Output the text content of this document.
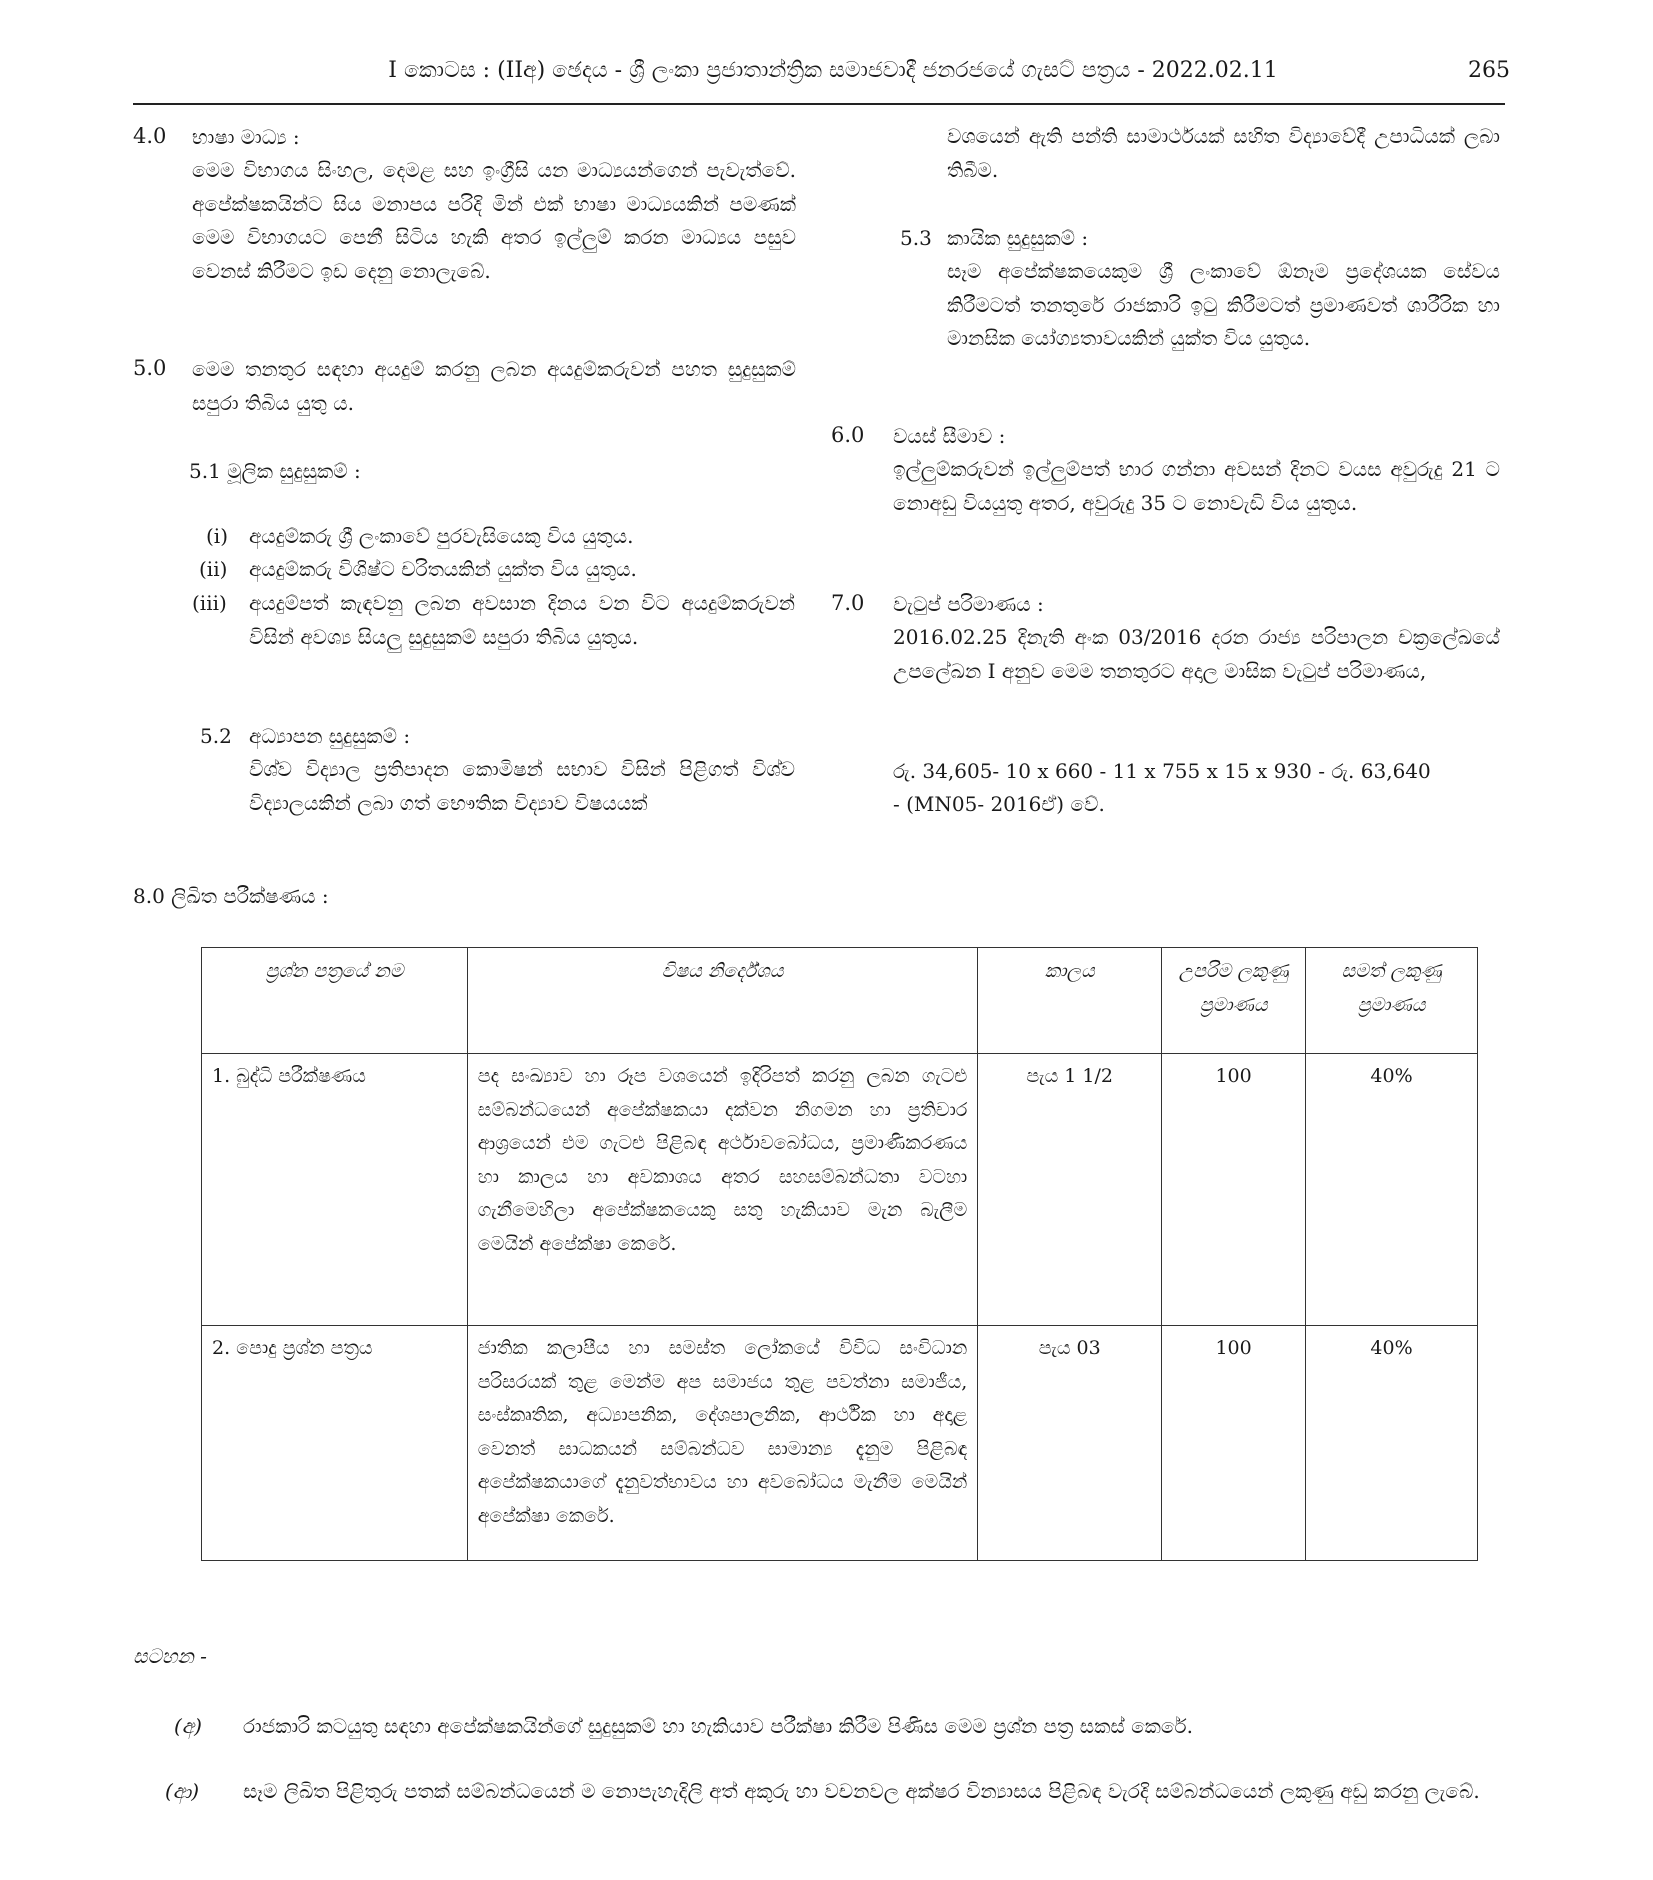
I කොටස : (IIඅ) ඡෙදය - ශ්‍රී ලංකා ප්‍රජාතාන්ත්‍රික සමාජවාදී ජනරජයේ ගැසට් පත්‍රය - 2022.02.11	265
4.0 භාෂා මාධ්‍ය :
මෙම විභාගය සිංහල, දෙමළ සහ ඉංග්‍රීසි යන මාධ්‍යයන්ගෙන් පැවැත්වේ. අපේක්ෂකයින්ට සිය මනාපය පරිදි මින් එක් භාෂා මාධ්‍යයකින් පමණක් මෙම විභාගයට පෙනී සිටිය හැකි අතර ඉල්ලුම් කරන මාධ්‍යය පසුව වෙනස් කිරීමට ඉඩ දෙනු නොලැබේ.
5.0 මෙම තනතුර සඳහා අයදුම් කරනු ලබන අයදුම්කරුවන් පහත සුදුසුකම් සපුරා තිබිය යුතු ය.
5.1 මූලික සුදුසුකම් :
(i) අයදුම්කරු ශ්‍රී ලංකාවේ පුරවැසියෙකු විය යුතුය.
(ii) අයදුම්කරු විශිෂ්ට චරිතයකින් යුක්ත විය යුතුය.
(iii) අයදුම්පත් කැඳවනු ලබන අවසාන දිනය වන විට අයදුම්කරුවන් විසින් අවශ්‍ය සියලු සුදුසුකම් සපුරා තිබිය යුතුය.
5.2 අධ්‍යාපන සුදුසුකම් :
විශ්ව විද්‍යාල ප්‍රතිපාදන කොමිෂන් සභාව විසින් පිළිගත් විශ්ව විද්‍යාලයකින් ලබා ගත් භෞතික විද්‍යාව විෂයයක්
වශයෙන් ඇති පන්ති සාමාර්ථයක් සහිත විද්‍යාවේදී උපාධියක් ලබා තිබීම.
5.3 කායික සුදුසුකම් :
සෑම අපේක්ෂකයෙකුම ශ්‍රී ලංකාවේ ඕනෑම ප්‍රදේශයක සේවය කිරීමටත් තනතුරේ රාජකාරි ඉටු කිරීමටත් ප්‍රමාණවත් ශාරීරික හා මානසික යෝග්‍යතාවයකින් යුක්ත විය යුතුය.
6.0 වයස් සීමාව :
ඉල්ලුම්කරුවන් ඉල්ලුම්පත් භාර ගන්නා අවසන් දිනට වයස අවුරුදු 21 ට නොඅඩු වියයුතු අතර, අවුරුදු 35 ට නොවැඩි විය යුතුය.
7.0 වැටුප් පරිමාණය :
2016.02.25 දිනැති අංක 03/2016 දරන රාජ්‍ය පරිපාලන චක්‍රලේඛයේ උපලේඛන I අනුව මෙම තනතුරට අදාල මාසික වැටුප් පරිමාණය,
රු. 34,605- 10 x 660 - 11 x 755 x 15 x 930 - රු. 63,640
- (MN05- 2016ඒ) වේ.
8.0 ලිඛිත පරීක්ෂණය :
ප්‍රශ්න පත්‍රයේ නම	විෂය නිර්දේශය	කාලය	උපරිම ලකුණු ප්‍රමාණය	සමත් ලකුණු ප්‍රමාණය
1. බුද්ධි පරීක්ෂණය	පද සංඛ්‍යාව හා රූප වශයෙන් ඉදිරිපත් කරනු ලබන ගැටළු සම්බන්ධයෙන් අපේක්ෂකයා දක්වන නිගමන හා ප්‍රතිචාර ආශ්‍රයෙන් එම ගැටළු පිළිබඳ අර්ථාවබෝධය, ප්‍රමාණිකරණය හා කාලය හා අවකාශය අතර සහසම්බන්ධතා වටහා ගැනීමෙහිලා අපේක්ෂකයෙකු සතු හැකියාව මැන බැලීම මෙයින් අපේක්ෂා කෙරේ.	පැය 1 1/2	100	40%
2. පොදු ප්‍රශ්න පත්‍රය	ජාතික කලාපීය හා සමස්ත ලෝකයේ විවිධ සංවිධාන පරිසරයක් තුළ මෙන්ම අප සමාජය තුළ පවත්නා සමාජීය, සංස්කෘතික, අධ්‍යාපනික, දේශපාලනික, ආර්ථික හා අදාළ වෙනත් සාධකයන් සම්බන්ධව සාමාන්‍ය දැනුම පිළිබඳ අපේක්ෂකයාගේ දැනුවත්භාවය හා අවබෝධය මැනීම මෙයින් අපේක්ෂා කෙරේ.	පැය 03	100	40%
සටහන -
(අ) රාජකාරි කටයුතු සඳහා අපේක්ෂකයින්ගේ සුදුසුකම් හා හැකියාව පරීක්ෂා කිරීම පිණිස මෙම ප්‍රශ්න පත්‍ර සකස් කෙරේ.
(ආ) සෑම ලිඛිත පිළිතුරු පතක් සම්බන්ධයෙන් ම නොපැහැදිලි අත් අකුරු හා වචනවල අක්ෂර වින්‍යාසය පිළිබඳ වැරදි සම්බන්ධයෙන් ලකුණු අඩු කරනු ලැබේ.
